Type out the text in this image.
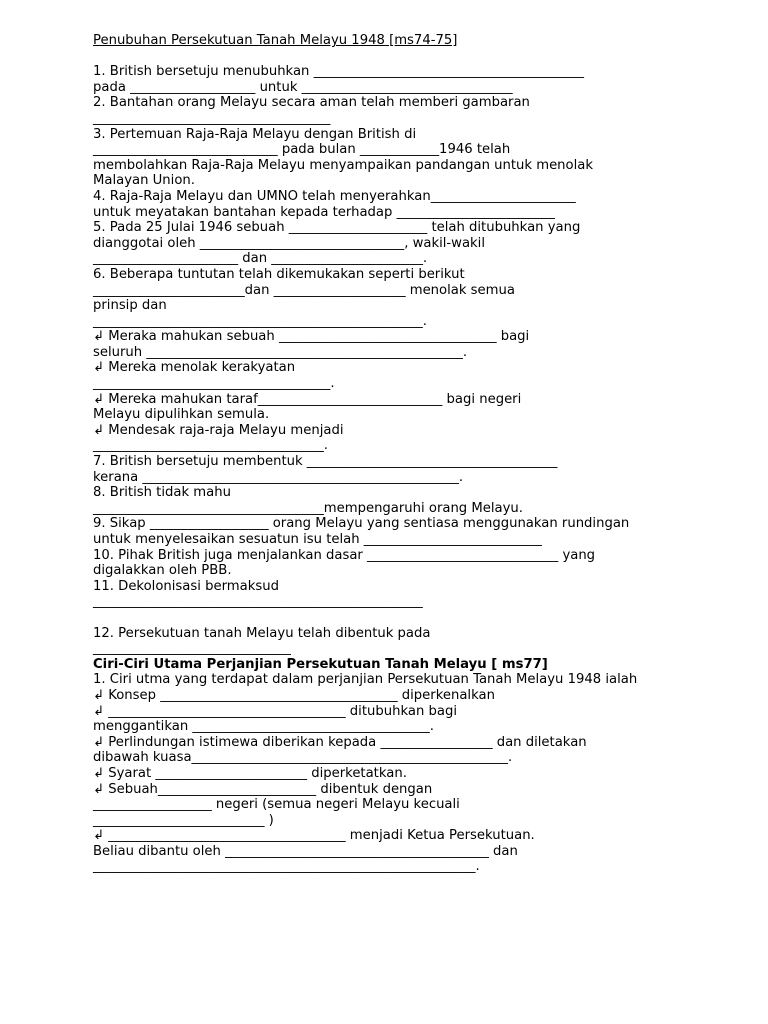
Penubuhan Persekutuan Tanah Melayu 1948 [ms74-75]
1. British bersetuju menubuhkan _________________________________________
pada ___________________ untuk ________________________________
2. Bantahan orang Melayu secara aman telah memberi gambaran
____________________________________
3. Pertemuan Raja-Raja Melayu dengan British di
____________________________ pada bulan ____________1946 telah
membolahkan Raja-Raja Melayu menyampaikan pandangan untuk menolak
Malayan Union.
4. Raja-Raja Melayu dan UMNO telah menyerahkan______________________
untuk meyatakan bantahan kepada terhadap ________________________
5. Pada 25 Julai 1946 sebuah _____________________ telah ditubuhkan yang
dianggotai oleh _______________________________, wakil-wakil
______________________ dan _______________________.
6. Beberapa tuntutan telah dikemukakan seperti berikut
_______________________dan ____________________ menolak semua
prinsip dan
__________________________________________________.
↲ Meraka mahukan sebuah _________________________________ bagi
seluruh ________________________________________________.
↲ Mereka menolak kerakyatan
____________________________________.
↲ Mereka mahukan taraf____________________________ bagi negeri
Melayu dipulihkan semula.
↲ Mendesak raja-raja Melayu menjadi
___________________________________.
7. British bersetuju membentuk ______________________________________
kerana ________________________________________________.
8. British tidak mahu
___________________________________mempengaruhi orang Melayu.
9. Sikap __________________ orang Melayu yang sentiasa menggunakan rundingan
untuk menyelesaikan sesuatun isu telah ___________________________
10. Pihak British juga menjalankan dasar _____________________________ yang
digalakkan oleh PBB.
11. Dekolonisasi bermaksud
__________________________________________________
12. Persekutuan tanah Melayu telah dibentuk pada
______________________________
Ciri-Ciri Utama Perjanjian Persekutuan Tanah Melayu [ ms77]
1. Ciri utma yang terdapat dalam perjanjian Persekutuan Tanah Melayu 1948 ialah
↲ Konsep ____________________________________ diperkenalkan
↲ ____________________________________ ditubuhkan bagi
menggantikan ____________________________________.
↲ Perlindungan istimewa diberikan kepada _________________ dan diletakan
dibawah kuasa________________________________________________.
↲ Syarat _______________________ diperketatkan.
↲ Sebuah________________________ dibentuk dengan
__________________ negeri (semua negeri Melayu kecuali
__________________________ )
↲ ____________________________________ menjadi Ketua Persekutuan.
Beliau dibantu oleh ________________________________________ dan
__________________________________________________________.
